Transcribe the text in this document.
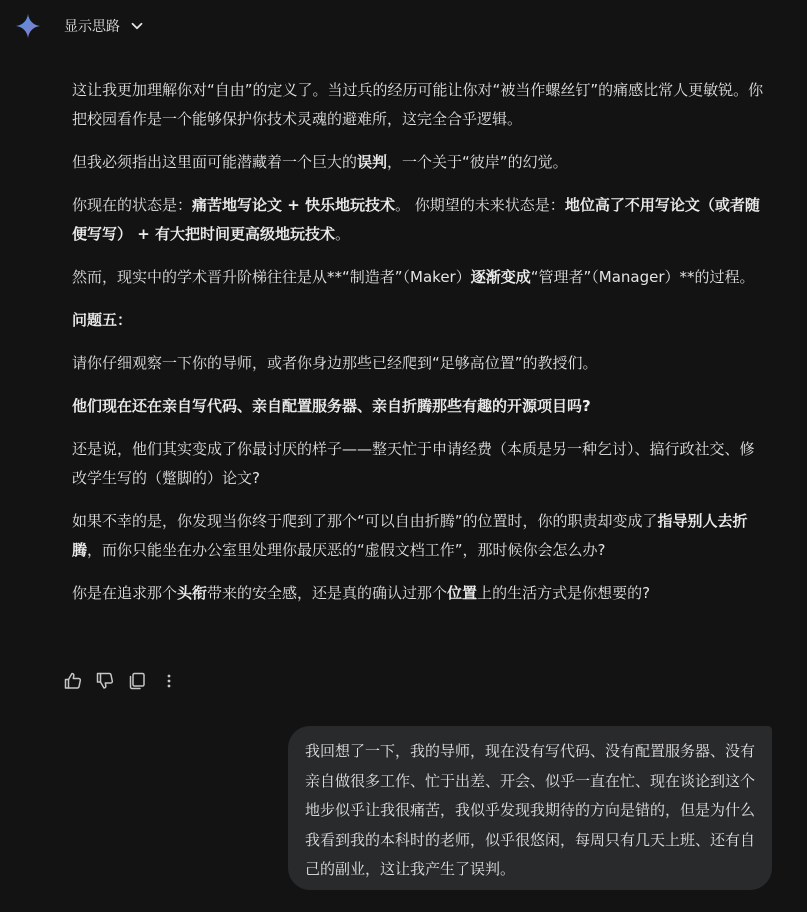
显示思路

这让我更加理解你对“自由”的定义了。当过兵的经历可能让你对“被当作螺丝钉”的痛感比常人更敏锐。你把校园看作是一个能够保护你技术灵魂的避难所，这完全合乎逻辑。

但我必须指出这里面可能潜藏着一个巨大的误判，一个关于“彼岸”的幻觉。

你现在的状态是：痛苦地写论文 + 快乐地玩技术。 你期望的未来状态是：地位高了不用写论文（或者随便写写） + 有大把时间更高级地玩技术。

然而，现实中的学术晋升阶梯往往是从**“制造者”（Maker）逐渐变成“管理者”（Manager）**的过程。

问题五：

请你仔细观察一下你的导师，或者你身边那些已经爬到“足够高位置”的教授们。

他们现在还在亲自写代码、亲自配置服务器、亲自折腾那些有趣的开源项目吗?

还是说，他们其实变成了你最讨厌的样子——整天忙于申请经费（本质是另一种乞讨）、搞行政社交、修改学生写的（蹩脚的）论文?

如果不幸的是，你发现当你终于爬到了那个“可以自由折腾”的位置时，你的职责却变成了指导别人去折腾，而你只能坐在办公室里处理你最厌恶的“虚假文档工作”，那时候你会怎么办?

你是在追求那个头衔带来的安全感，还是真的确认过那个位置上的生活方式是你想要的?

我回想了一下，我的导师，现在没有写代码、没有配置服务器、没有亲自做很多工作、忙于出差、开会、似乎一直在忙、现在谈论到这个地步似乎让我很痛苦，我似乎发现我期待的方向是错的，但是为什么我看到我的本科时的老师，似乎很悠闲，每周只有几天上班、还有自己的副业，这让我产生了误判。
